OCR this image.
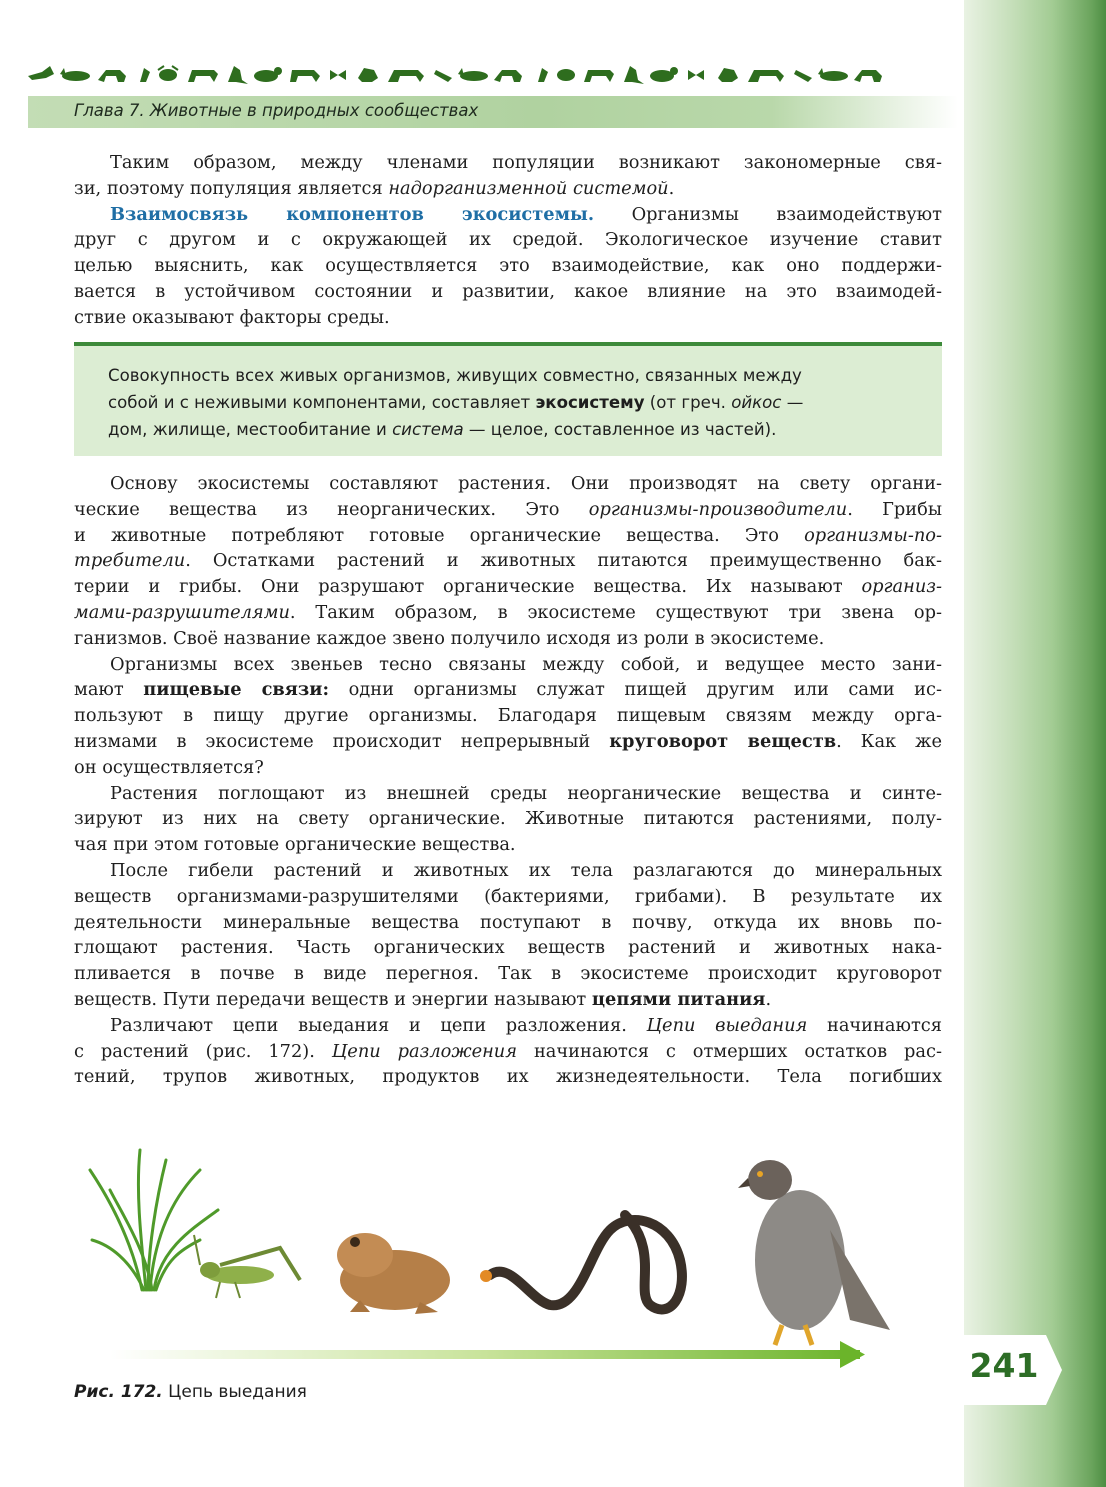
Глава 7. Животные в природных сообществах
Таким образом, между членами популяции возникают закономерные свя-
зи, поэтому популяция является надорганизменной системой.
Взаимосвязь компонентов экосистемы. Организмы взаимодействуют
друг с другом и с окружающей их средой. Экологическое изучение ставит
целью выяснить, как осуществляется это взаимодействие, как оно поддержи-
вается в устойчивом состоянии и развитии, какое влияние на это взаимодей-
ствие оказывают факторы среды.
Совокупность всех живых организмов, живущих совместно, связанных между
собой и с неживыми компонентами, составляет экосистему (от греч. ойкос —
дом, жилище, местообитание и система — целое, составленное из частей).
Основу экосистемы составляют растения. Они производят на свету органи-
ческие вещества из неорганических. Это организмы-производители. Грибы
и животные потребляют готовые органические вещества. Это организмы-по-
требители. Остатками растений и животных питаются преимущественно бак-
терии и грибы. Они разрушают органические вещества. Их называют организ-
мами-разрушителями. Таким образом, в экосистеме существуют три звена ор-
ганизмов. Своё название каждое звено получило исходя из роли в экосистеме.
Организмы всех звеньев тесно связаны между собой, и ведущее место зани-
мают пищевые связи: одни организмы служат пищей другим или сами ис-
пользуют в пищу другие организмы. Благодаря пищевым связям между орга-
низмами в экосистеме происходит непрерывный круговорот веществ. Как же
он осуществляется?
Растения поглощают из внешней среды неорганические вещества и синте-
зируют из них на свету органические. Животные питаются растениями, полу-
чая при этом готовые органические вещества.
После гибели растений и животных их тела разлагаются до минеральных
веществ организмами-разрушителями (бактериями, грибами). В результате их
деятельности минеральные вещества поступают в почву, откуда их вновь по-
глощают растения. Часть органических веществ растений и животных нака-
пливается в почве в виде перегноя. Так в экосистеме происходит круговорот
веществ. Пути передачи веществ и энергии называют цепями питания.
Различают цепи выедания и цепи разложения. Цепи выедания начинаются
с растений (рис. 172). Цепи разложения начинаются с отмерших остатков рас-
тений, трупов животных, продуктов их жизнедеятельности. Тела погибших
Рис. 172. Цепь выедания
241
